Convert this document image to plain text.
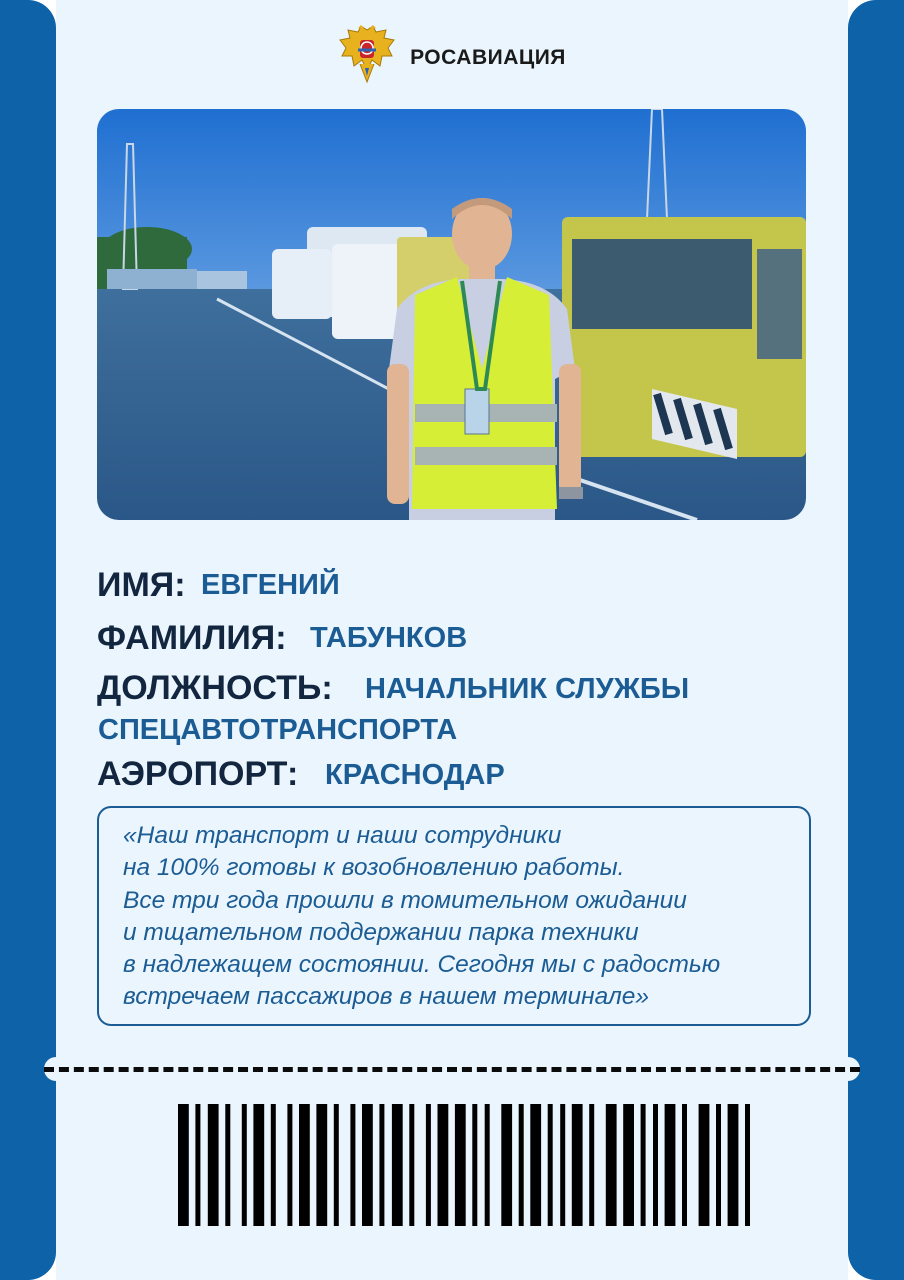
РОСАВИАЦИЯ
ИМЯ: ЕВГЕНИЙ
ФАМИЛИЯ: ТАБУНКОВ
ДОЛЖНОСТЬ: НАЧАЛЬНИК СЛУЖБЫ
СПЕЦАВТОТРАНСПОРТА
АЭРОПОРТ: КРАСНОДАР
«Наш транспорт и наши сотрудники
на 100% готовы к возобновлению работы.
Все три года прошли в томительном ожидании
и тщательном поддержании парка техники
в надлежащем состоянии. Сегодня мы с радостью
встречаем пассажиров в нашем терминале»
